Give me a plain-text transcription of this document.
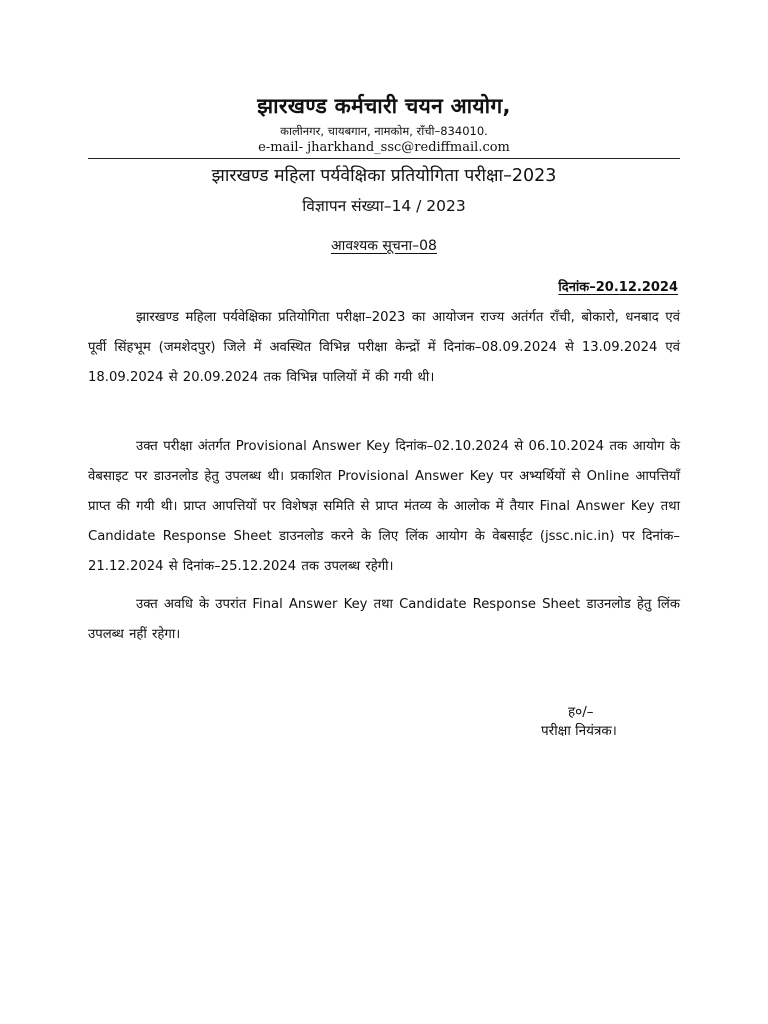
झारखण्ड कर्मचारी चयन आयोग,
कालीनगर, चायबगान, नामकोम, राँची–834010.
e-mail- jharkhand_ssc@rediffmail.com
झारखण्ड महिला पर्यवेक्षिका प्रतियोगिता परीक्षा–2023
विज्ञापन संख्या–14 / 2023
आवश्यक सूचना–08
दिनांक–20.12.2024

झारखण्ड महिला पर्यवेक्षिका प्रतियोगिता परीक्षा–2023 का आयोजन राज्य अतंर्गत राँची, बोकारो, धनबाद एवं पूर्वी सिंहभूम (जमशेदपुर) जिले में अवस्थित विभिन्न परीक्षा केन्द्रों में दिनांक–08.09.2024 से 13.09.2024 एवं 18.09.2024 से 20.09.2024 तक विभिन्न पालियों में की गयी थी।

उक्त परीक्षा अंतर्गत Provisional Answer Key दिनांक–02.10.2024 से 06.10.2024 तक आयोग के वेबसाइट पर डाउनलोड हेतु उपलब्ध थी। प्रकाशित Provisional Answer Key पर अभ्यर्थियों से Online आपत्तियाँ प्राप्त की गयी थी। प्राप्त आपत्तियों पर विशेषज्ञ समिति से प्राप्त मंतव्य के आलोक में तैयार Final Answer Key तथा Candidate Response Sheet डाउनलोड करने के लिए लिंक आयोग के वेबसाईट (jssc.nic.in) पर दिनांक–21.12.2024 से दिनांक–25.12.2024 तक उपलब्ध रहेगी।

उक्त अवधि के उपरांत Final Answer Key तथा Candidate Response Sheet डाउनलोड हेतु लिंक उपलब्ध नहीं रहेगा।

ह०/–
परीक्षा नियंत्रक।
